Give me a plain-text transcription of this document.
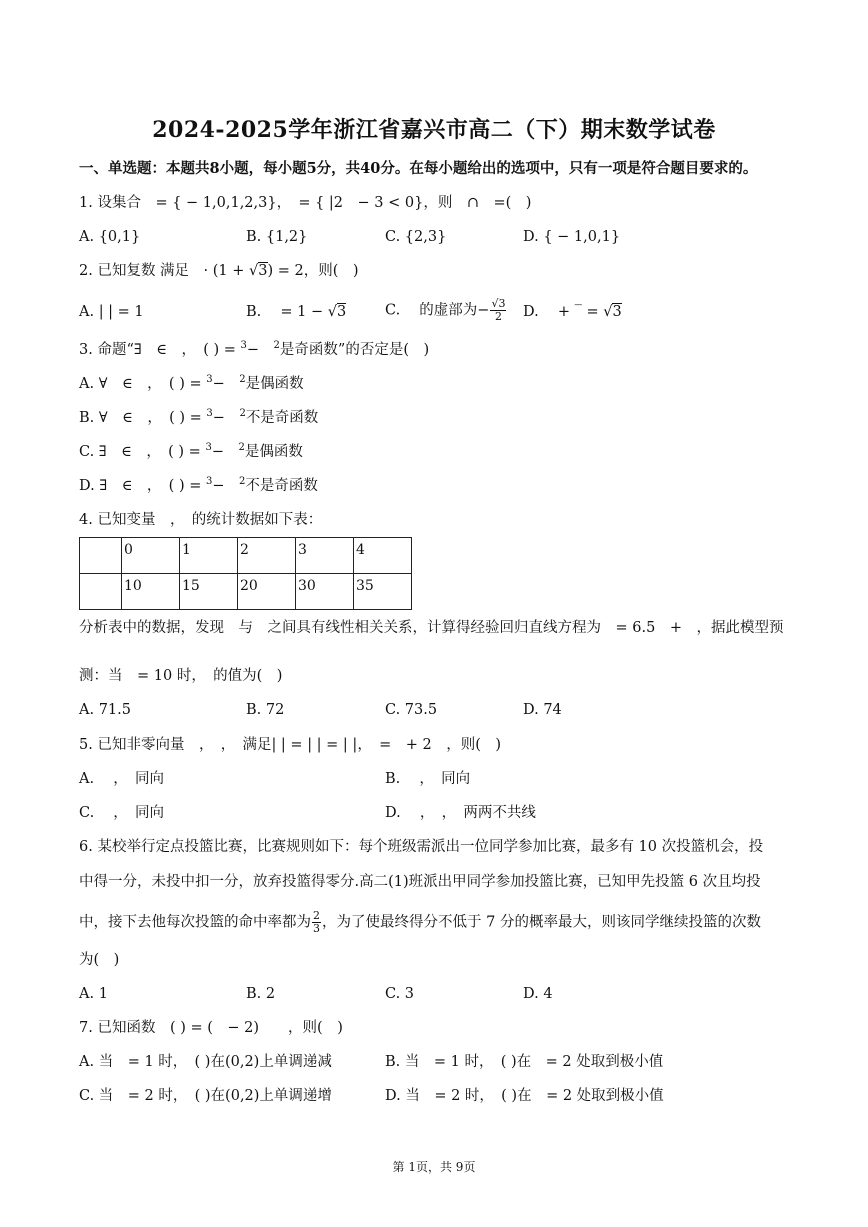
2024-2025学年浙江省嘉兴市高二（下）期末数学试卷
一、单选题：本题共8小题，每小题5分，共40分。在每小题给出的选项中，只有一项是符合题目要求的。
1. 设集合　= { − 1,0,1,2,3}，　= { |2　− 3 < 0}，则　∩　=(　)
A. {0,1}	B. {1,2}	C. {2,3}	D. { − 1,0,1}
2. 已知复数 满足　· (1 + √3) = 2，则(　)
A. | | = 1	B. 　= 1 − √3	C. 　的虚部为− $\frac{√3}{2} D$. 　+ ‾ = √3
3. 命题“∃　∈　，　( ) = $^3$−　$^2$是奇函数”的否定是(　)
A. ∀　∈　，　( ) = $^3$−　$^2$是偶函数
B. ∀　∈　，　( ) = $^3$−　$^2$不是奇函数
C. ∃　∈　，　( ) = $^3$−　$^2$是偶函数
D. ∃　∈　，　( ) = $^3$−　$^2$不是奇函数
4. 已知变量　，　的统计数据如下表：
	0	1	2	3	4
	10	15	20	30	35
分析表中的数据，发现　与　之间具有线性相关关系，计算得经验回归直线方程为　= 6.5　+　，据此模型预
测：当　= 10 时，　的值为(　)
A. 71.5	B. 72	C. 73.5	D. 74
5. 已知非零向量　，　，　满足| | = | | = | |，　=　+ 2　，则(　)
A. 　，　同向	B. 　，　同向
C. 　，　同向	D. 　，　，　两两不共线
6. 某校举行定点投篮比赛，比赛规则如下：每个班级需派出一位同学参加比赛，最多有 10 次投篮机会，投
中得一分，未投中扣一分，放弃投篮得零分.高二(1)班派出甲同学参加投篮比赛，已知甲先投篮 6 次且均投
中，接下去他每次投篮的命中率都为 $\frac{2}{3}$ ，为了使最终得分不低于 7 分的概率最大，则该同学继续投篮的次数
为(　)
A. 1	B. 2	C. 3	D. 4
7. 已知函数　( ) = (　− 2)　　，则(　)
A. 当　= 1 时，　( )在(0,2)上单调递减	B. 当　= 1 时，　( )在　= 2 处取到极小值
C. 当　= 2 时，　( )在(0,2)上单调递增	D. 当　= 2 时，　( )在　= 2 处取到极小值
第 1页，共 9页
